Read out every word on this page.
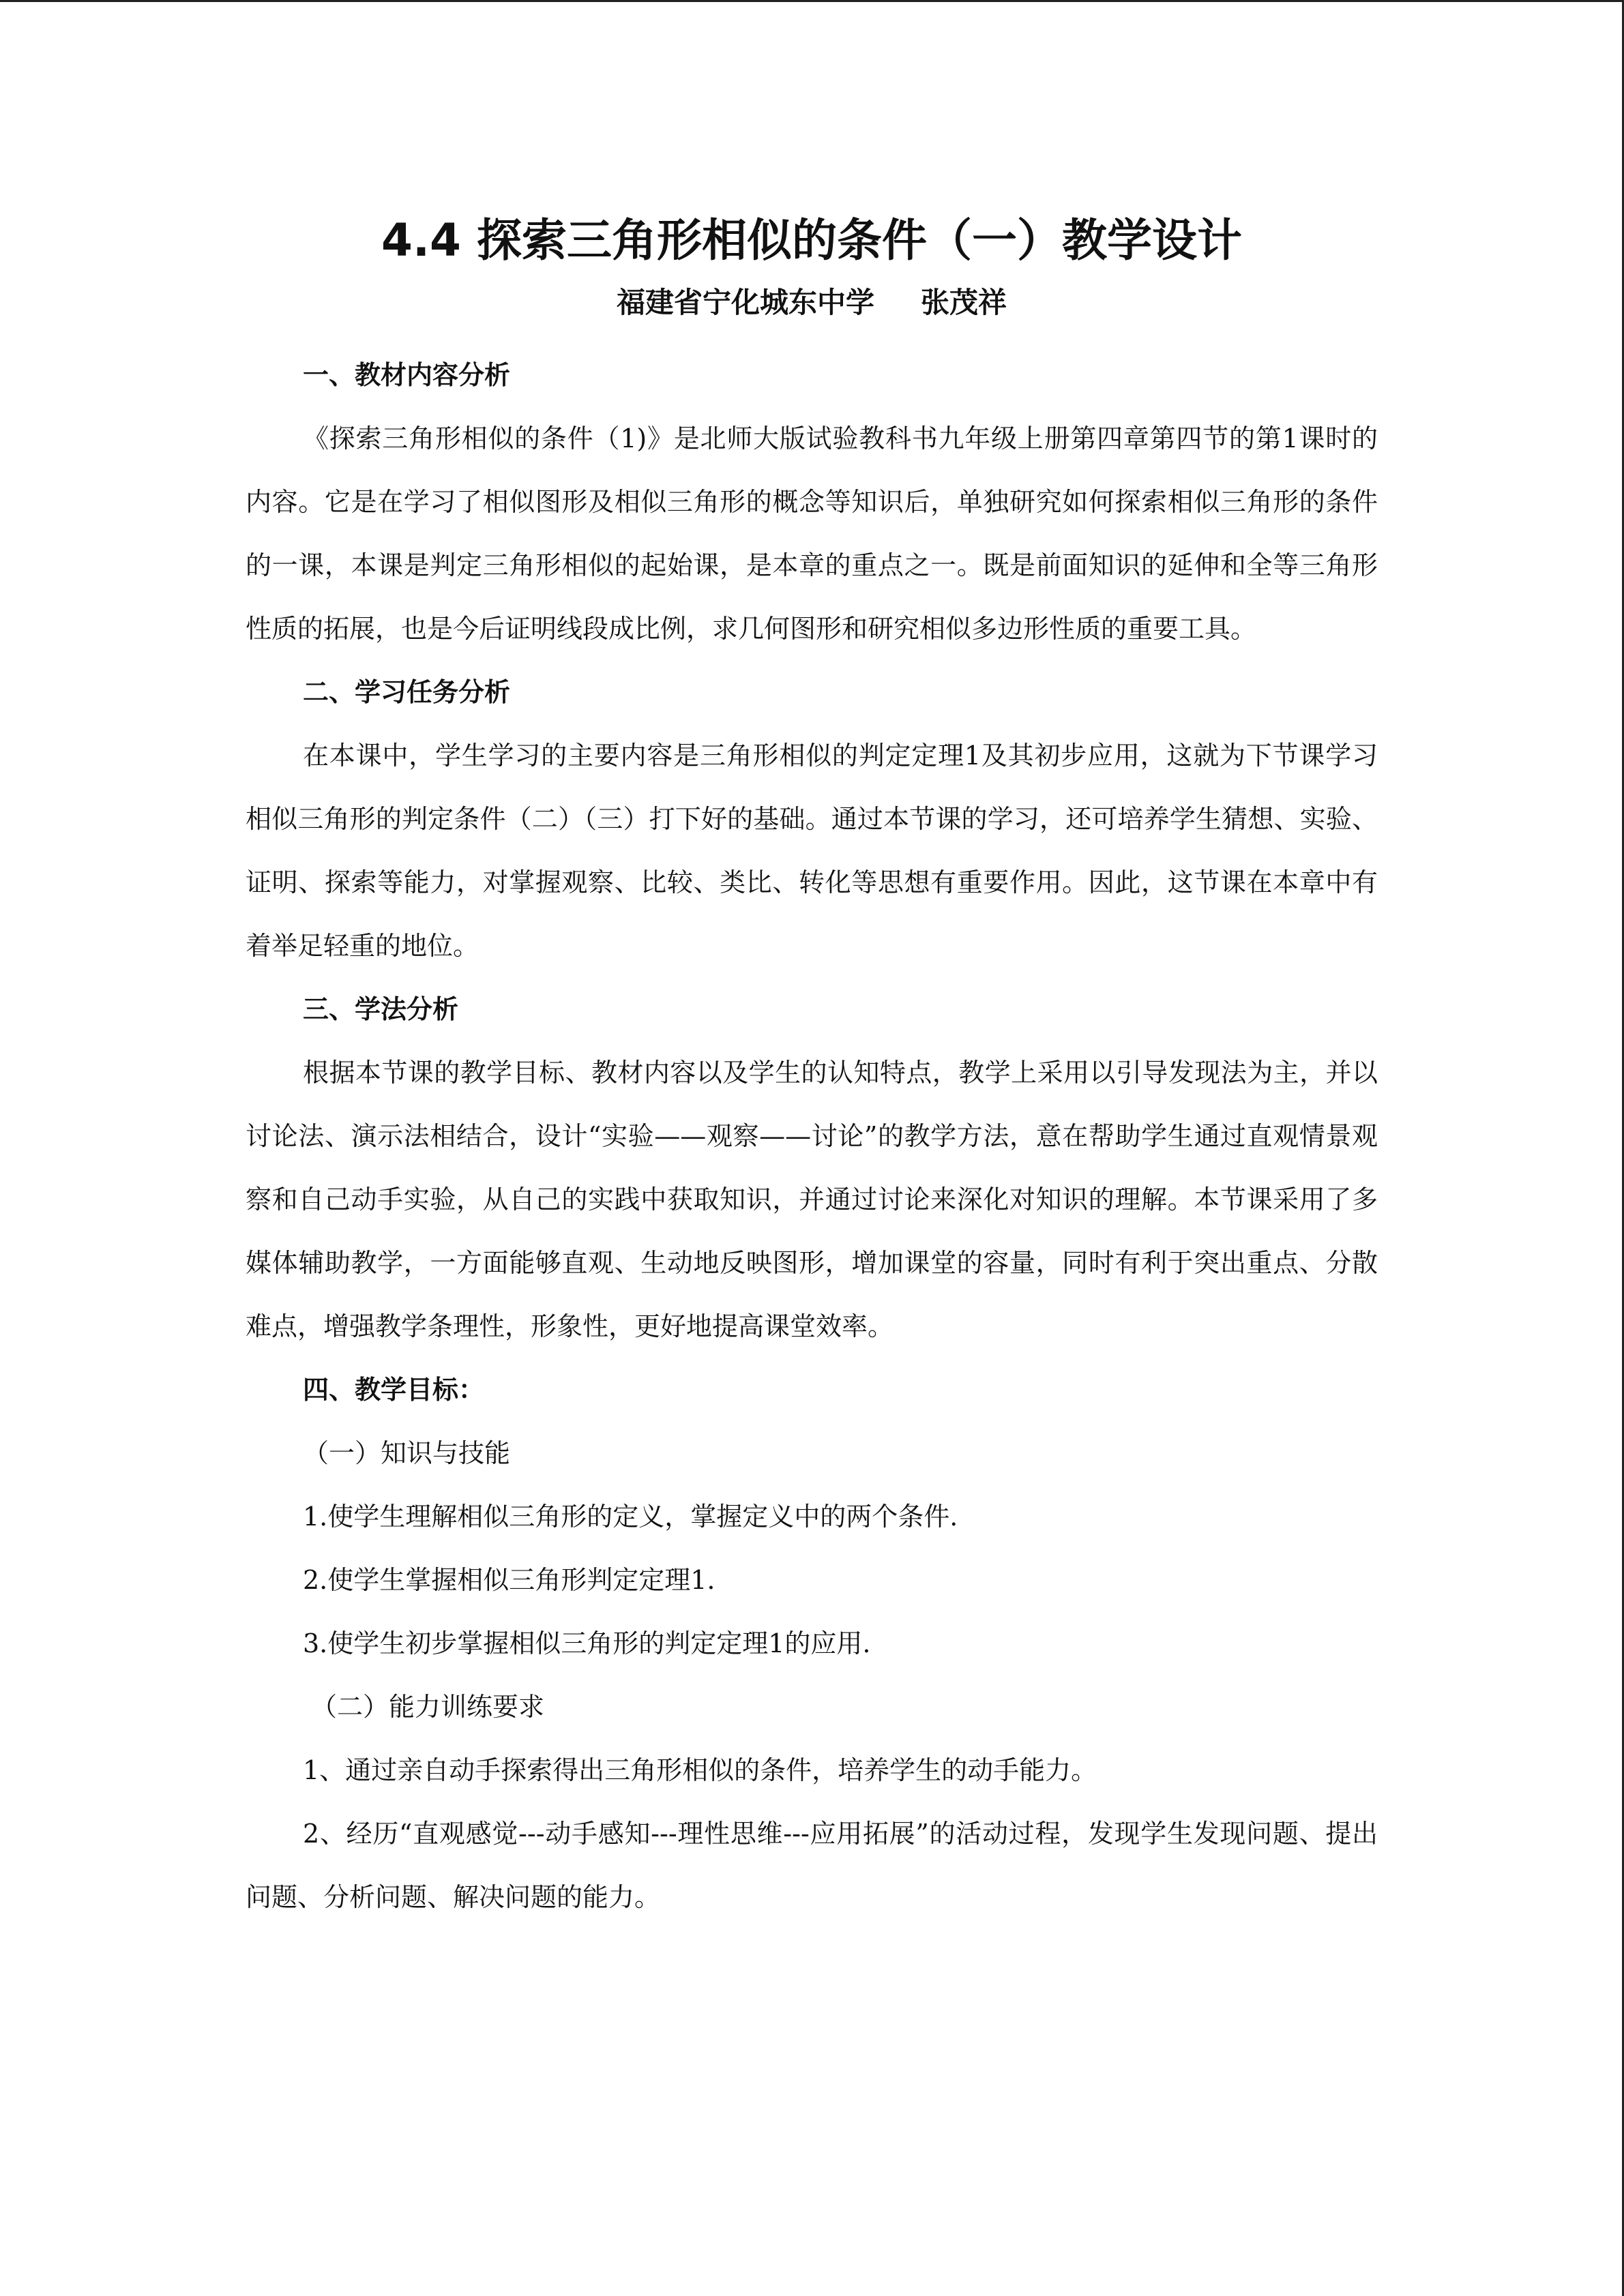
4.4 探索三角形相似的条件（一）教学设计
福建省宁化城东中学 张茂祥
一、教材内容分析

《探索三角形相似的条件（1)》是北师大版试验教科书九年级上册第四章第四节的第1课时的内容。它是在学习了相似图形及相似三角形的概念等知识后，单独研究如何探索相似三角形的条件的一课，本课是判定三角形相似的起始课，是本章的重点之一。既是前面知识的延伸和全等三角形性质的拓展，也是今后证明线段成比例，求几何图形和研究相似多边形性质的重要工具。

二、学习任务分析

在本课中，学生学习的主要内容是三角形相似的判定定理1及其初步应用，这就为下节课学习相似三角形的判定条件（二）（三）打下好的基础。通过本节课的学习，还可培养学生猜想、实验、证明、探索等能力，对掌握观察、比较、类比、转化等思想有重要作用。因此，这节课在本章中有着举足轻重的地位。

三、学法分析

根据本节课的教学目标、教材内容以及学生的认知特点，教学上采用以引导发现法为主，并以讨论法、演示法相结合，设计“实验——观察——讨论”的教学方法，意在帮助学生通过直观情景观察和自己动手实验，从自己的实践中获取知识，并通过讨论来深化对知识的理解。本节课采用了多媒体辅助教学，一方面能够直观、生动地反映图形，增加课堂的容量，同时有利于突出重点、分散难点，增强教学条理性，形象性，更好地提高课堂效率。

四、教学目标：
（一）知识与技能
1.使学生理解相似三角形的定义，掌握定义中的两个条件.
2.使学生掌握相似三角形判定定理1.
3.使学生初步掌握相似三角形的判定定理1的应用.
（二）能力训练要求
1、通过亲自动手探索得出三角形相似的条件，培养学生的动手能力。

2、经历“直观感觉---动手感知---理性思维---应用拓展”的活动过程，发现学生发现问题、提出问题、分析问题、解决问题的能力。
